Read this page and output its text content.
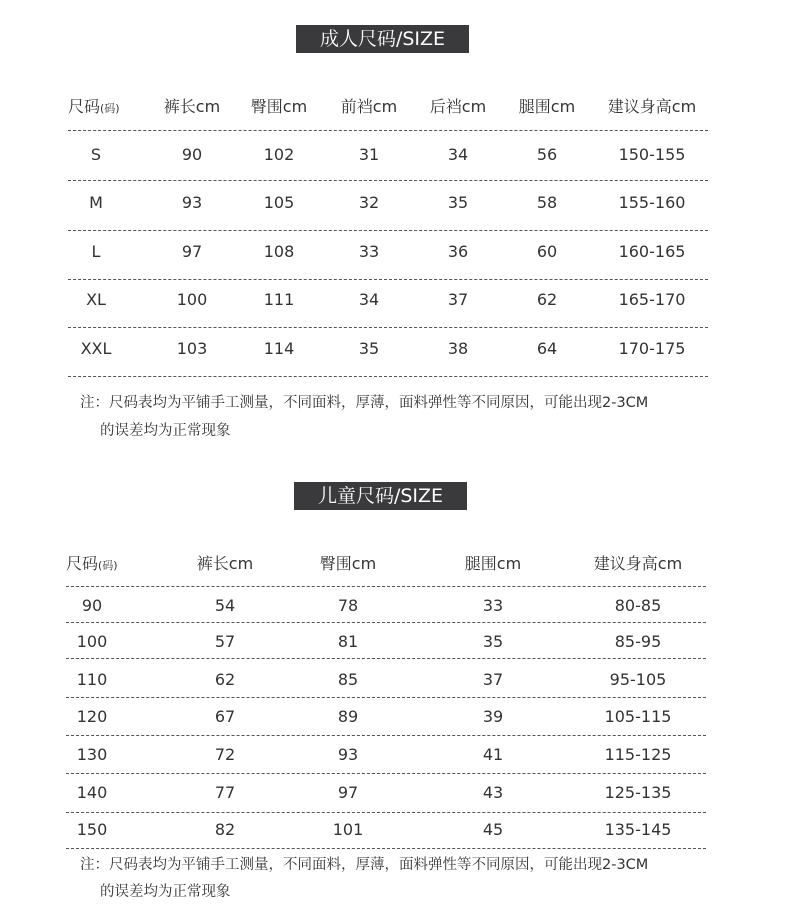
成人尺码/SIZE
尺码(码)	裤长cm 臀围cm 前裆cm 后裆cm 腿围cm 建议身高cm
S	90	102	31	34	56	150-155
M	93	105	32	35	58	155-160
L	97	108	33	36	60	160-165
XL	100	111	34	37	62	165-170
XXL	103	114	35	38	64	170-175
注：尺码表均为平铺手工测量，不同面料，厚薄，面料弹性等不同原因，可能出现2-3CM
的误差均为正常现象
儿童尺码/SIZE
尺码(码)	裤长cm	臀围cm	腿围cm	建议身高cm
90	54	78	33	80-85
100	57	81	35	85-95
110	62	85	37	95-105
120	67	89	39	105-115
130	72	93	41	115-125
140	77	97	43	125-135
150	82	101	45	135-145
注：尺码表均为平铺手工测量，不同面料，厚薄，面料弹性等不同原因，可能出现2-3CM
的误差均为正常现象
